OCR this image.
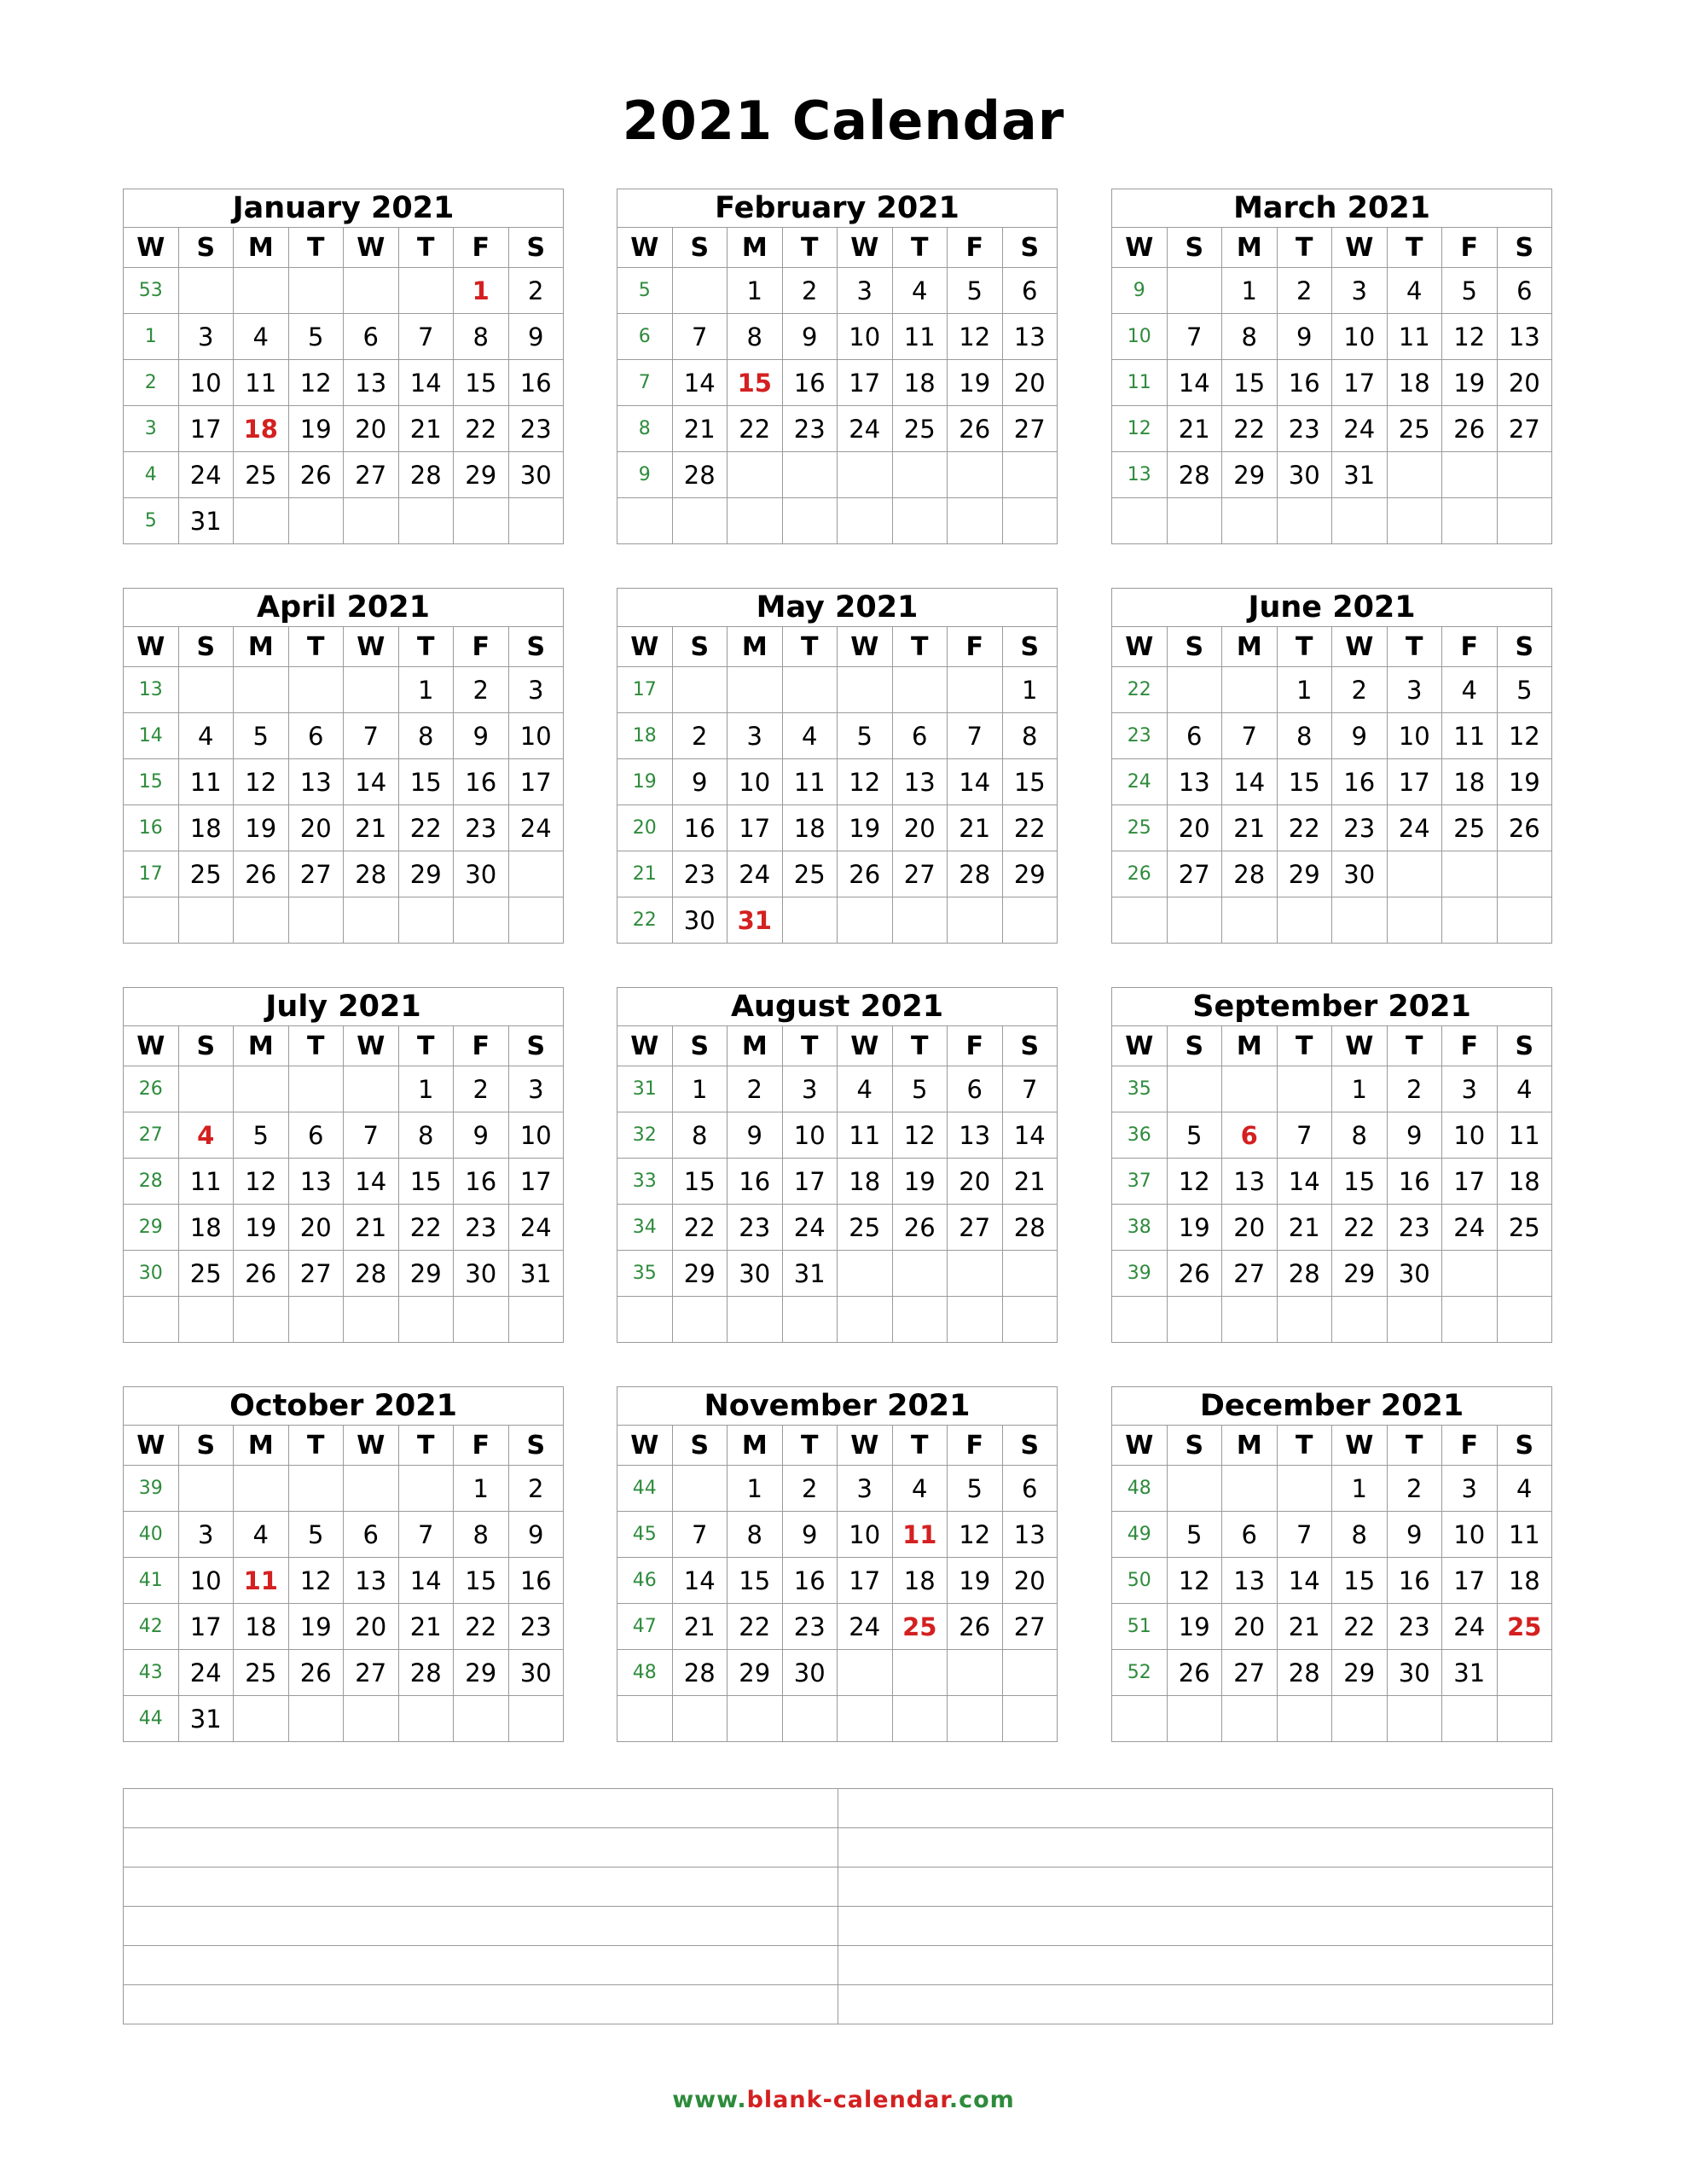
2021 Calendar
January 2021							
W	S	M	T	W	T	F	S
53						1	2
1	3	4	5	6	7	8	9
2	10	11	12	13	14	15	16
3	17	18	19	20	21	22	23
4	24	25	26	27	28	29	30
5	31						
February 2021							
W	S	M	T	W	T	F	S
5		1	2	3	4	5	6
6	7	8	9	10	11	12	13
7	14	15	16	17	18	19	20
8	21	22	23	24	25	26	27
9	28						

March 2021							
W	S	M	T	W	T	F	S
9		1	2	3	4	5	6
10	7	8	9	10	11	12	13
11	14	15	16	17	18	19	20
12	21	22	23	24	25	26	27
13	28	29	30	31			

April 2021							
W	S	M	T	W	T	F	S
13					1	2	3
14	4	5	6	7	8	9	10
15	11	12	13	14	15	16	17
16	18	19	20	21	22	23	24
17	25	26	27	28	29	30	

May 2021							
W	S	M	T	W	T	F	S
17							1
18	2	3	4	5	6	7	8
19	9	10	11	12	13	14	15
20	16	17	18	19	20	21	22
21	23	24	25	26	27	28	29
22	30	31					
June 2021							
W	S	M	T	W	T	F	S
22			1	2	3	4	5
23	6	7	8	9	10	11	12
24	13	14	15	16	17	18	19
25	20	21	22	23	24	25	26
26	27	28	29	30			

July 2021							
W	S	M	T	W	T	F	S
26					1	2	3
27	4	5	6	7	8	9	10
28	11	12	13	14	15	16	17
29	18	19	20	21	22	23	24
30	25	26	27	28	29	30	31

August 2021							
W	S	M	T	W	T	F	S
31	1	2	3	4	5	6	7
32	8	9	10	11	12	13	14
33	15	16	17	18	19	20	21
34	22	23	24	25	26	27	28
35	29	30	31				

September 2021							
W	S	M	T	W	T	F	S
35				1	2	3	4
36	5	6	7	8	9	10	11
37	12	13	14	15	16	17	18
38	19	20	21	22	23	24	25
39	26	27	28	29	30		

October 2021							
W	S	M	T	W	T	F	S
39						1	2
40	3	4	5	6	7	8	9
41	10	11	12	13	14	15	16
42	17	18	19	20	21	22	23
43	24	25	26	27	28	29	30
44	31						
November 2021							
W	S	M	T	W	T	F	S
44		1	2	3	4	5	6
45	7	8	9	10	11	12	13
46	14	15	16	17	18	19	20
47	21	22	23	24	25	26	27
48	28	29	30				

December 2021							
W	S	M	T	W	T	F	S
48				1	2	3	4
49	5	6	7	8	9	10	11
50	12	13	14	15	16	17	18
51	19	20	21	22	23	24	25
52	26	27	28	29	30	31	

www.blank-calendar.com
